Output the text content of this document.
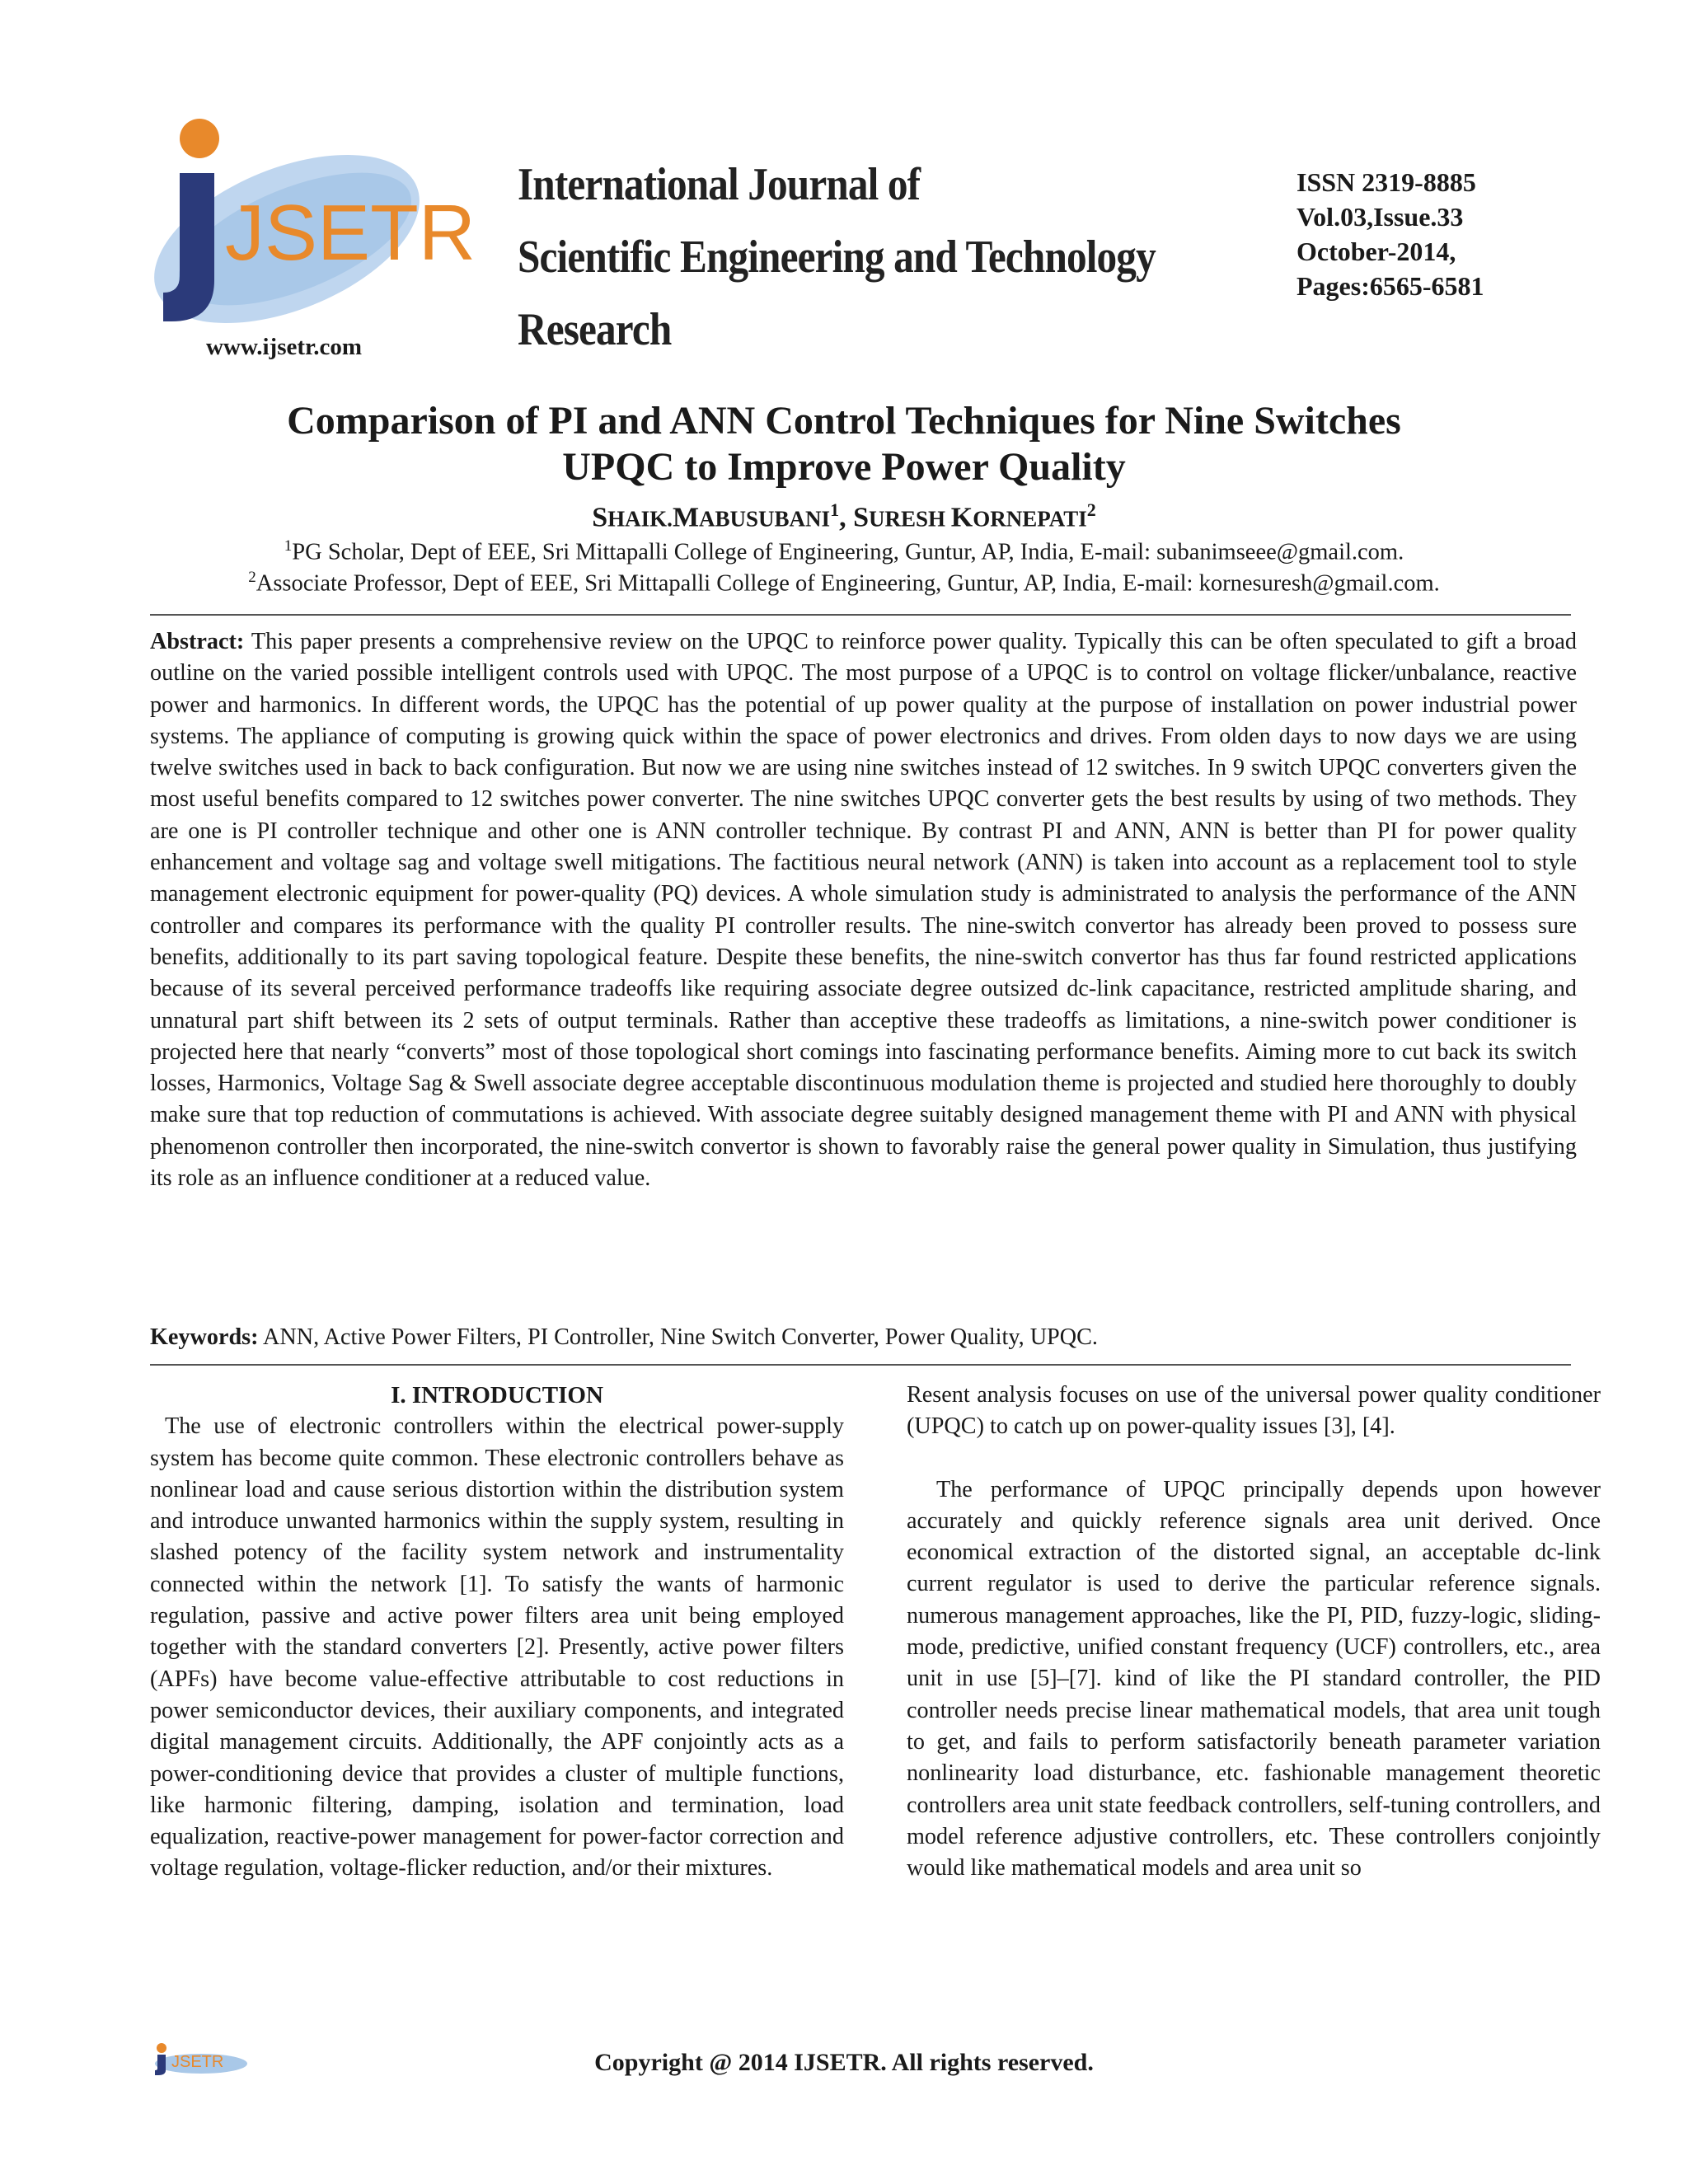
JSETR
International Journal of
Scientific Engineering and Technology Research
ISSN 2319-8885
Vol.03,Issue.33
October-2014,
Pages:6565-6581
www.ijsetr.com
Comparison of PI and ANN Control Techniques for Nine Switches
UPQC to Improve Power Quality
SHAIK.MABUSUBANI$^1$, SURESH KORNEPATI$^2$
$^1$PG Scholar, Dept of EEE, Sri Mittapalli College of Engineering, Guntur, AP, India, E-mail: subanimseee@gmail.com.
$^2$Associate Professor, Dept of EEE, Sri Mittapalli College of Engineering, Guntur, AP, India, E-mail: kornesuresh@gmail.com.
Abstract: This paper presents a comprehensive review on the UPQC to reinforce power quality. Typically this can be often speculated to gift a broad outline on the varied possible intelligent controls used with UPQC. The most purpose of a UPQC is to control on voltage flicker/unbalance, reactive power and harmonics. In different words, the UPQC has the potential of up power quality at the purpose of installation on power industrial power systems. The appliance of computing is growing quick within the space of power electronics and drives. From olden days to now days we are using twelve switches used in back to back configuration. But now we are using nine switches instead of 12 switches. In 9 switch UPQC converters given the most useful benefits compared to 12 switches power converter. The nine switches UPQC converter gets the best results by using of two methods. They are one is PI controller technique and other one is ANN controller technique. By contrast PI and ANN, ANN is better than PI for power quality enhancement and voltage sag and voltage swell mitigations. The factitious neural network (ANN) is taken into account as a replacement tool to style management electronic equipment for power-quality (PQ) devices. A whole simulation study is administrated to analysis the performance of the ANN controller and compares its performance with the quality PI controller results. The nine-switch convertor has already been proved to possess sure benefits, additionally to its part saving topological feature. Despite these benefits, the nine-switch convertor has thus far found restricted applications because of its several perceived performance tradeoffs like requiring associate degree outsized dc-link capacitance, restricted amplitude sharing, and unnatural part shift between its 2 sets of output terminals. Rather than acceptive these tradeoffs as limitations, a nine-switch power conditioner is projected here that nearly “converts” most of those topological short comings into fascinating performance benefits. Aiming more to cut back its switch losses, Harmonics, Voltage Sag & Swell associate degree acceptable discontinuous modulation theme is projected and studied here thoroughly to doubly make sure that top reduction of commutations is achieved. With associate degree suitably designed management theme with PI and ANN with physical phenomenon controller then incorporated, the nine-switch convertor is shown to favorably raise the general power quality in Simulation, thus justifying its role as an influence conditioner at a reduced value.
Keywords: ANN, Active Power Filters, PI Controller, Nine Switch Converter, Power Quality, UPQC.
I. INTRODUCTION
The use of electronic controllers within the electrical power-supply system has become quite common. These electronic controllers behave as nonlinear load and cause serious distortion within the distribution system and introduce unwanted harmonics within the supply system, resulting in slashed potency of the facility system network and instrumentality connected within the network [1]. To satisfy the wants of harmonic regulation, passive and active power filters area unit being employed together with the standard converters [2]. Presently, active power filters (APFs) have become value-effective attributable to cost reductions in power semiconductor devices, their auxiliary components, and integrated digital management circuits. Additionally, the APF conjointly acts as a power-conditioning device that provides a cluster of multiple functions, like harmonic filtering, damping, isolation and termination, load equalization, reactive-power management for power-factor correction and voltage regulation, voltage-flicker reduction, and/or their mixtures.
Resent analysis focuses on use of the universal power quality conditioner (UPQC) to catch up on power-quality issues [3], [4].
The performance of UPQC principally depends upon however accurately and quickly reference signals area unit derived. Once economical extraction of the distorted signal, an acceptable dc-link current regulator is used to derive the particular reference signals. numerous management approaches, like the PI, PID, fuzzy-logic, sliding-mode, predictive, unified constant frequency (UCF) controllers, etc., area unit in use [5]–[7]. kind of like the PI standard controller, the PID controller needs precise linear mathematical models, that area unit tough to get, and fails to perform satisfactorily beneath parameter variation nonlinearity load disturbance, etc. fashionable management theoretic controllers area unit state feedback controllers, self-tuning controllers, and model reference adjustive controllers, etc. These controllers conjointly would like mathematical models and area unit so
JSETR	Copyright @ 2014 IJSETR. All rights reserved.
